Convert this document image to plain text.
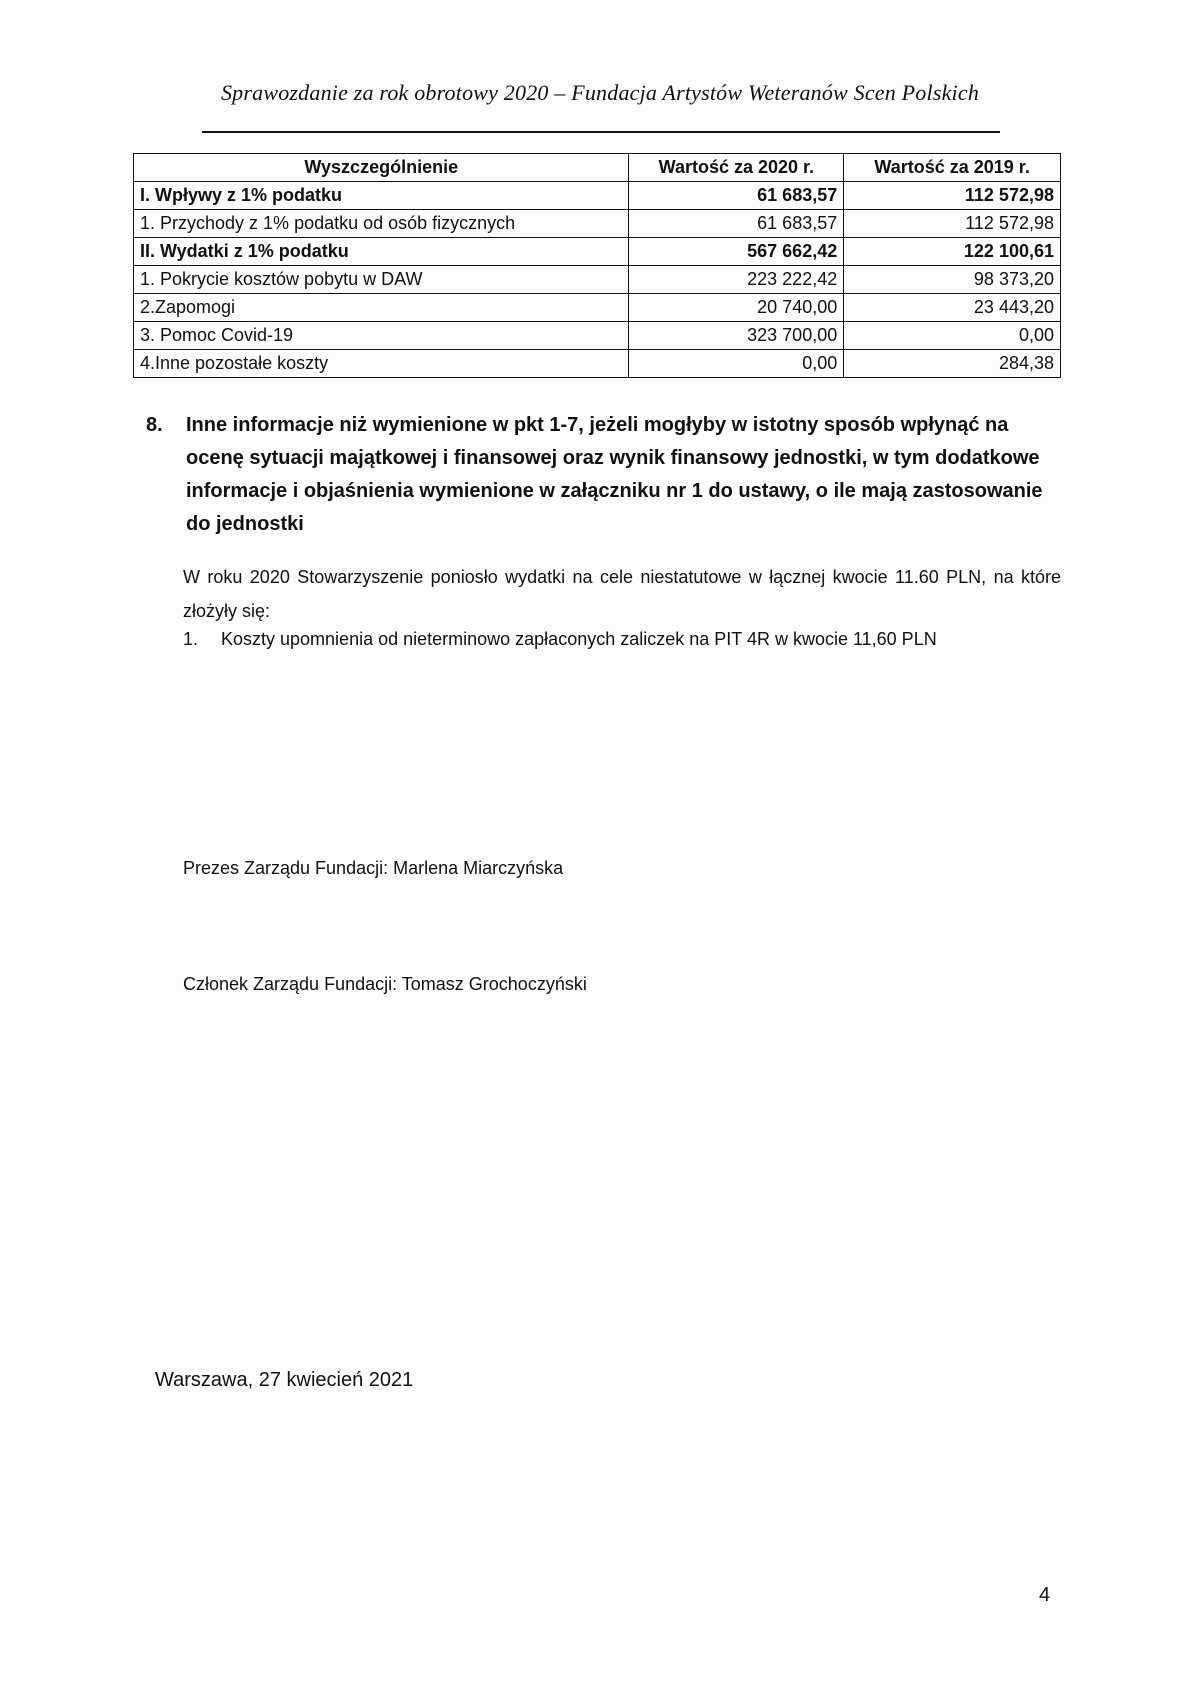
Sprawozdanie za rok obrotowy 2020 – Fundacja Artystów Weteranów Scen Polskich
Wyszczególnienie	Wartość za 2020 r.	Wartość za 2019 r.
I. Wpływy z 1% podatku	61 683,57	112 572,98
1. Przychody z 1% podatku od osób fizycznych	61 683,57	112 572,98
II. Wydatki z 1% podatku	567 662,42	122 100,61
1. Pokrycie kosztów pobytu w DAW	223 222,42	98 373,20
2.Zapomogi	20 740,00	23 443,20
3. Pomoc Covid-19	323 700,00	0,00
4.Inne pozostałe koszty	0,00	284,38
8. Inne informacje niż wymienione w pkt 1-7, jeżeli mogłyby w istotny sposób wpłynąć na ocenę sytuacji majątkowej i finansowej oraz wynik finansowy jednostki, w tym dodatkowe informacje i objaśnienia wymienione w załączniku nr 1 do ustawy, o ile mają zastosowanie do jednostki
W roku 2020 Stowarzyszenie poniosło wydatki na cele niestatutowe w łącznej kwocie 11.60 PLN, na które złożyły się:
1. Koszty upomnienia od nieterminowo zapłaconych zaliczek na PIT 4R w kwocie 11,60 PLN
Prezes Zarządu Fundacji: Marlena Miarczyńska
Członek Zarządu Fundacji: Tomasz Grochoczyński
Warszawa, 27 kwiecień 2021
4
